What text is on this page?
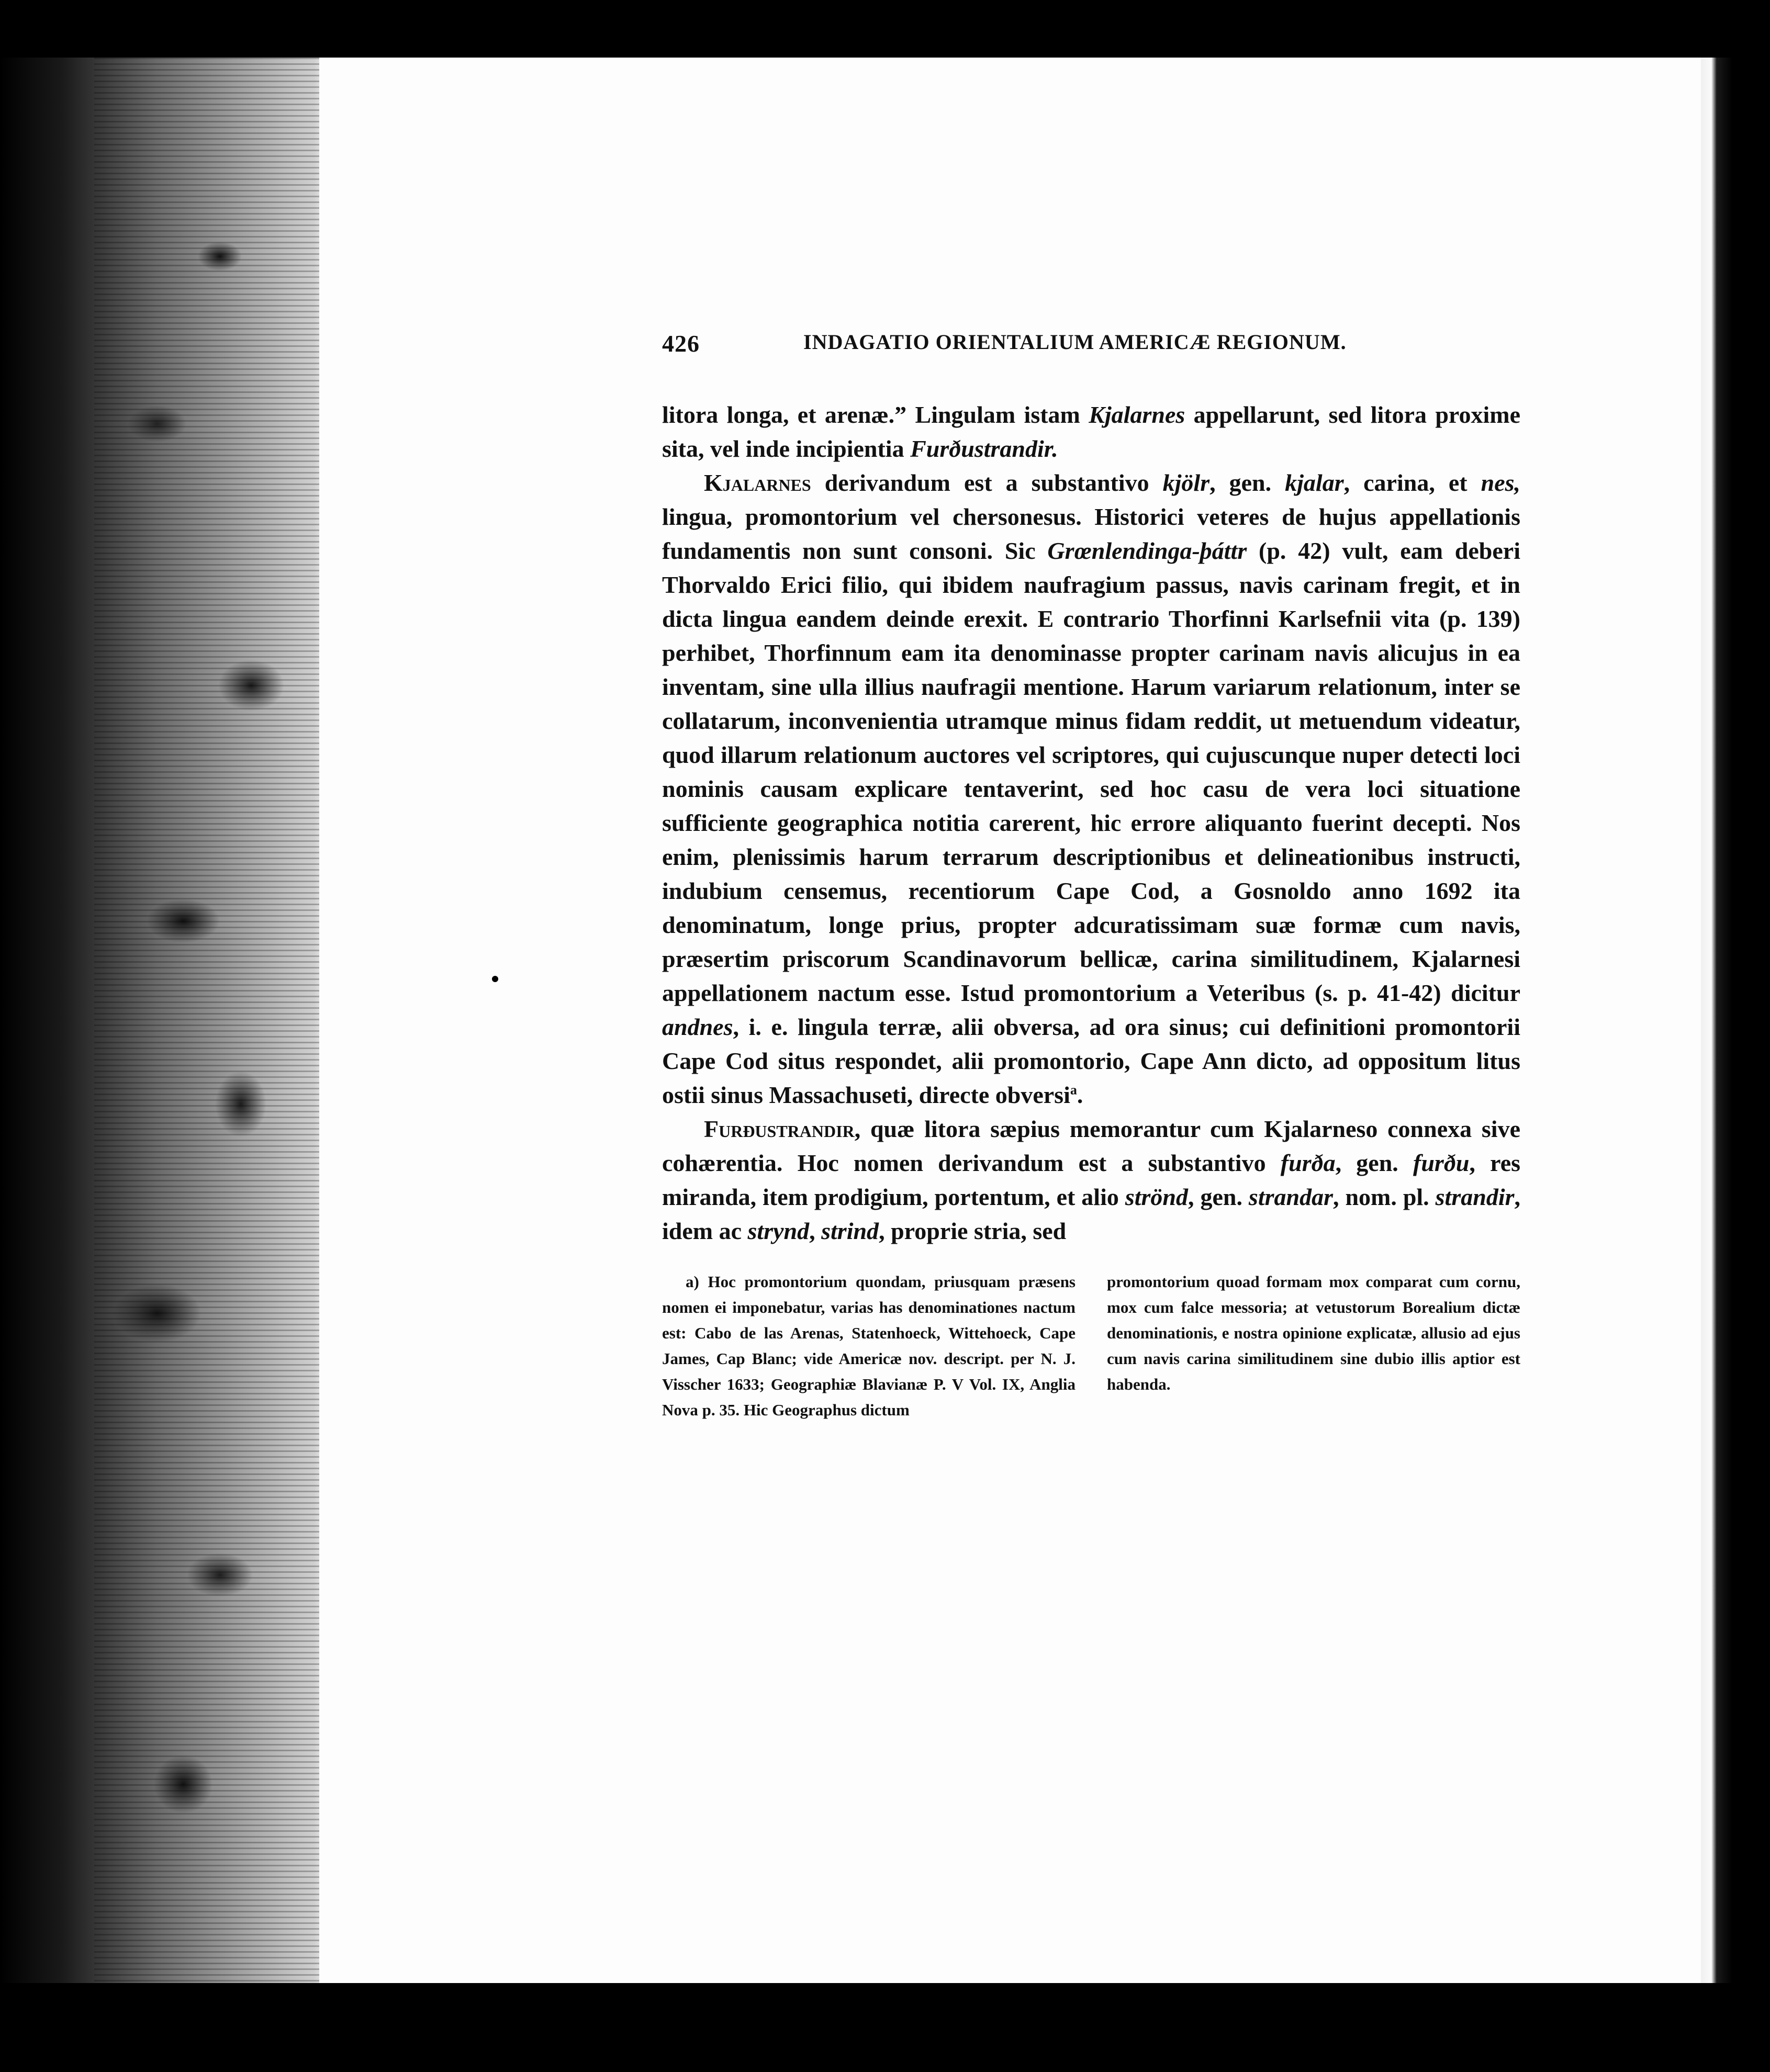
426	INDAGATIO ORIENTALIUM AMERICÆ REGIONUM.

litora longa, et arenæ.” Lingulam istam Kjalarnes appellarunt, sed litora proxime sita, vel inde incipientia Furðustrandir.

Kjalarnes derivandum est a substantivo kjölr, gen. kjalar, carina, et nes, lingua, promontorium vel chersonesus. Historici veteres de hujus appellationis fundamentis non sunt consoni. Sic Grœnlendinga-þáttr (p. 42) vult, eam deberi Thorvaldo Erici filio, qui ibidem naufragium passus, navis carinam fregit, et in dicta lingua eandem deinde erexit. E contrario Thorfinni Karlsefnii vita (p. 139) perhibet, Thorfinnum eam ita denominasse propter carinam navis alicujus in ea inventam, sine ulla illius naufragii mentione. Harum variarum relationum, inter se collatarum, inconvenientia utramque minus fidam reddit, ut metuendum videatur, quod illarum relationum auctores vel scriptores, qui cujuscunque nuper detecti loci nominis causam explicare tentaverint, sed hoc casu de vera loci situatione sufficiente geographica notitia carerent, hic errore aliquanto fuerint decepti. Nos enim, plenissimis harum terrarum descriptionibus et delineationibus instructi, indubium censemus, recentiorum Cape Cod, a Gosnoldo anno 1692 ita denominatum, longe prius, propter adcuratissimam suæ formæ cum navis, præsertim priscorum Scandinavorum bellicæ, carina similitudinem, Kjalarnesi appellationem nactum esse. Istud promontorium a Veteribus (s. p. 41-42) dicitur andnes, i. e. lingula terræ, alii obversa, ad ora sinus; cui definitioni promontorii Cape Cod situs respondet, alii promontorio, Cape Ann dicto, ad oppositum litus ostii sinus Massachuseti, directe obversi$^a$.

Furðustrandir, quæ litora sæpius memorantur cum Kjalarneso connexa sive cohærentia. Hoc nomen derivandum est a substantivo furða, gen. furðu, res miranda, item prodigium, portentum, et alio strönd, gen. strandar, nom. pl. strandir, idem ac strynd, strind, proprie stria, sed

a) Hoc promontorium quondam, priusquam præsens nomen ei imponebatur, varias has denominationes nactum est: Cabo de las Arenas, Statenhoeck, Wittehoeck, Cape James, Cap Blanc; vide Americæ nov. descript. per N. J. Visscher 1633; Geographiæ Blavianæ P. V Vol. IX, Anglia Nova p. 35. Hic Geographus dictum

promontorium quoad formam mox comparat cum cornu, mox cum falce messoria; at vetustorum Borealium dictæ denominationis, e nostra opinione explicatæ, allusio ad ejus cum navis carina similitudinem sine dubio illis aptior est habenda.
